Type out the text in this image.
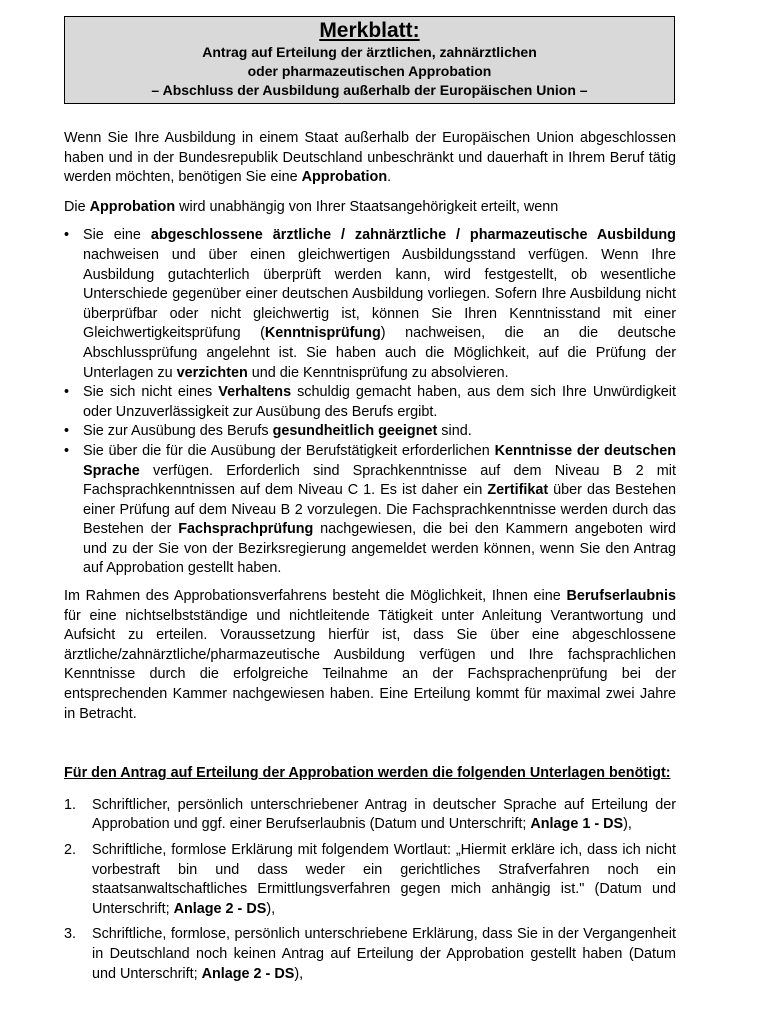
Merkblatt:
Antrag auf Erteilung der ärztlichen, zahnärztlichen
oder pharmazeutischen Approbation
– Abschluss der Ausbildung außerhalb der Europäischen Union –

Wenn Sie Ihre Ausbildung in einem Staat außerhalb der Europäischen Union abgeschlossen haben und in der Bundesrepublik Deutschland unbeschränkt und dauerhaft in Ihrem Beruf tätig werden möchten, benötigen Sie eine Approbation.

Die Approbation wird unabhängig von Ihrer Staatsangehörigkeit erteilt, wenn

• Sie eine abgeschlossene ärztliche / zahnärztliche / pharmazeutische Ausbildung nachweisen und über einen gleichwertigen Ausbildungsstand verfügen. Wenn Ihre Ausbildung gutachterlich überprüft werden kann, wird festgestellt, ob wesentliche Unterschiede gegenüber einer deutschen Ausbildung vorliegen. Sofern Ihre Ausbildung nicht überprüfbar oder nicht gleichwertig ist, können Sie Ihren Kenntnisstand mit einer Gleichwertigkeitsprüfung (Kenntnisprüfung) nachweisen, die an die deutsche Abschlussprüfung angelehnt ist. Sie haben auch die Möglichkeit, auf die Prüfung der Unterlagen zu verzichten und die Kenntnisprüfung zu absolvieren.
• Sie sich nicht eines Verhaltens schuldig gemacht haben, aus dem sich Ihre Unwürdigkeit oder Unzuverlässigkeit zur Ausübung des Berufs ergibt.
• Sie zur Ausübung des Berufs gesundheitlich geeignet sind.
• Sie über die für die Ausübung der Berufstätigkeit erforderlichen Kenntnisse der deutschen Sprache verfügen. Erforderlich sind Sprachkenntnisse auf dem Niveau B 2 mit Fachsprachkenntnissen auf dem Niveau C 1. Es ist daher ein Zertifikat über das Bestehen einer Prüfung auf dem Niveau B 2 vorzulegen. Die Fachsprachkenntnisse werden durch das Bestehen der Fachsprachprüfung nachgewiesen, die bei den Kammern angeboten wird und zu der Sie von der Bezirksregierung angemeldet werden können, wenn Sie den Antrag auf Approbation gestellt haben.

Im Rahmen des Approbationsverfahrens besteht die Möglichkeit, Ihnen eine Berufserlaubnis für eine nichtselbstständige und nichtleitende Tätigkeit unter Anleitung Verantwortung und Aufsicht zu erteilen. Voraussetzung hierfür ist, dass Sie über eine abgeschlossene ärztliche/zahnärztliche/pharmazeutische Ausbildung verfügen und Ihre fachsprachlichen Kenntnisse durch die erfolgreiche Teilnahme an der Fachsprachenprüfung bei der entsprechenden Kammer nachgewiesen haben. Eine Erteilung kommt für maximal zwei Jahre in Betracht.

Für den Antrag auf Erteilung der Approbation werden die folgenden Unterlagen benötigt:
1. Schriftlicher, persönlich unterschriebener Antrag in deutscher Sprache auf Erteilung der Approbation und ggf. einer Berufserlaubnis (Datum und Unterschrift; Anlage 1 - DS),
2. Schriftliche, formlose Erklärung mit folgendem Wortlaut: „Hiermit erkläre ich, dass ich nicht vorbestraft bin und dass weder ein gerichtliches Strafverfahren noch ein staatsanwaltschaftliches Ermittlungsverfahren gegen mich anhängig ist." (Datum und Unterschrift; Anlage 2 - DS),
3. Schriftliche, formlose, persönlich unterschriebene Erklärung, dass Sie in der Vergangenheit in Deutschland noch keinen Antrag auf Erteilung der Approbation gestellt haben (Datum und Unterschrift; Anlage 2 - DS),
